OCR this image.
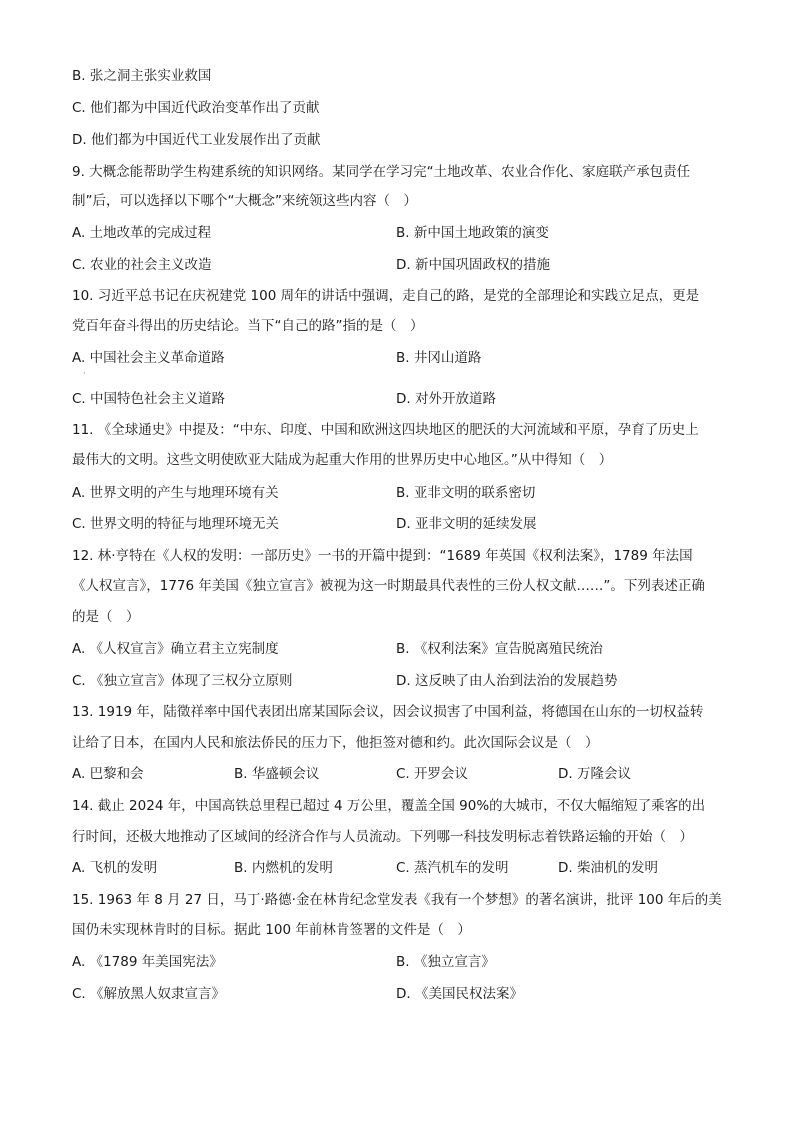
B. 张之洞主张实业救国
C. 他们都为中国近代政治变革作出了贡献
D. 他们都为中国近代工业发展作出了贡献
9. 大概念能帮助学生构建系统的知识网络。某同学在学习完“土地改革、农业合作化、家庭联产承包责任
制”后，可以选择以下哪个“大概念”来统领这些内容（　）
A. 土地改革的完成过程	B. 新中国土地政策的演变
C. 农业的社会主义改造	D. 新中国巩固政权的措施
10. 习近平总书记在庆祝建党 100 周年的讲话中强调，走自己的路，是党的全部理论和实践立足点，更是
党百年奋斗得出的历史结论。当下“自己的路”指的是（　）
A. 中国社会主义革命道路	B. 井冈山道路
·
C. 中国特色社会主义道路	D. 对外开放道路
11. 《全球通史》中提及：“中东、印度、中国和欧洲这四块地区的肥沃的大河流域和平原，孕育了历史上
最伟大的文明。这些文明使欧亚大陆成为起重大作用的世界历史中心地区。”从中得知（　）
A. 世界文明的产生与地理环境有关	B. 亚非文明的联系密切
C. 世界文明的特征与地理环境无关	D. 亚非文明的延续发展
12. 林·亨特在《人权的发明：一部历史》一书的开篇中提到：“1689 年英国《权利法案》，1789 年法国
《人权宣言》，1776 年美国《独立宣言》被视为这一时期最具代表性的三份人权文献……”。下列表述正确
的是（　）
A. 《人权宣言》确立君主立宪制度	B. 《权利法案》宣告脱离殖民统治
C. 《独立宣言》体现了三权分立原则	D. 这反映了由人治到法治的发展趋势
13. 1919 年，陆徵祥率中国代表团出席某国际会议，因会议损害了中国利益，将德国在山东的一切权益转
让给了日本，在国内人民和旅法侨民的压力下，他拒签对德和约。此次国际会议是（　）
A. 巴黎和会	B. 华盛顿会议	C. 开罗会议	D. 万隆会议
14. 截止 2024 年，中国高铁总里程已超过 4 万公里，覆盖全国 90%的大城市，不仅大幅缩短了乘客的出
行时间，还极大地推动了区域间的经济合作与人员流动。下列哪一科技发明标志着铁路运输的开始（　）
A. 飞机的发明	B. 内燃机的发明	C. 蒸汽机车的发明	D. 柴油机的发明
15. 1963 年 8 月 27 日，马丁·路德·金在林肯纪念堂发表《我有一个梦想》的著名演讲，批评 100 年后的美
国仍未实现林肯时的目标。据此 100 年前林肯签署的文件是（　）
A. 《1789 年美国宪法》	B. 《独立宣言》
C. 《解放黑人奴隶宣言》	D. 《美国民权法案》
